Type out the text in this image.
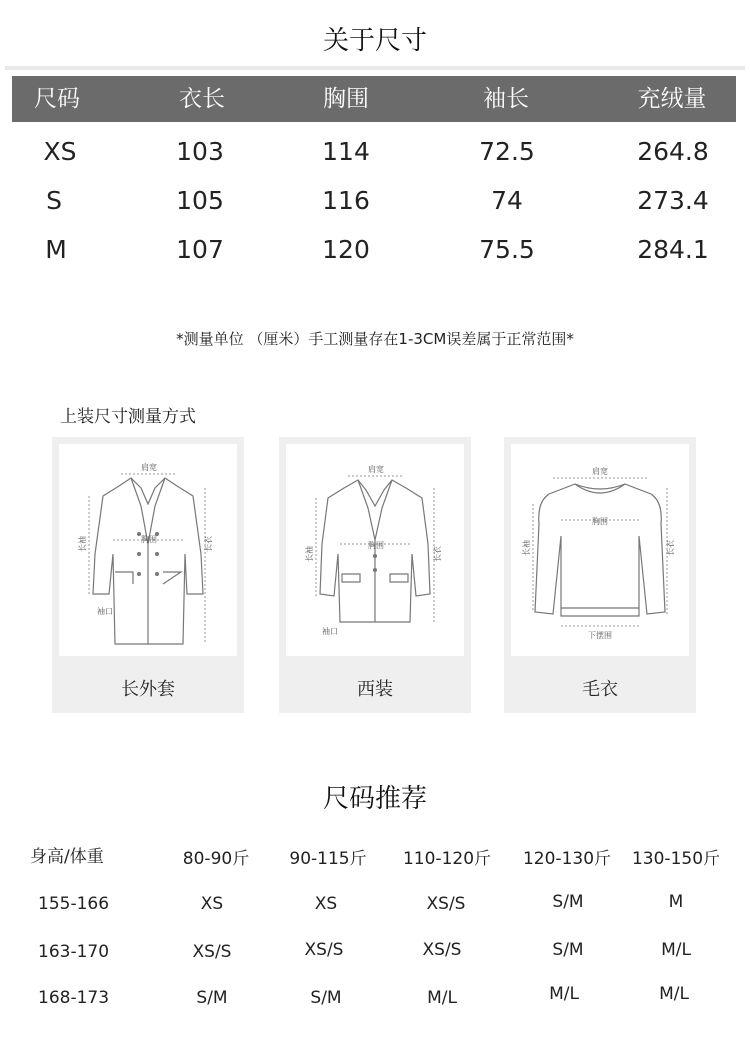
关于尺寸
尺码	衣长	胸围	袖长	充绒量
XS	103	114	72.5	264.8
S	105	116	74	273.4
M	107	120	75.5	284.1
*测量单位 （厘米）手工测量存在1-3CM误差属于正常范围*
上装尺寸测量方式
肩宽
胸围
长袖	长衣
袖口
长外套
肩宽
胸围
长袖	长衣
袖口
西装
肩宽
胸围
长袖	长衣
下摆围
毛衣
尺码推荐
身高/体重	80-90斤	90-115斤	110-120斤	120-130斤	130-150斤
155-166	XS	XS	XS/S	S/M	M
163-170	XS/S	XS/S	XS/S	S/M	M/L
168-173	S/M	S/M	M/L	M/L	M/L
